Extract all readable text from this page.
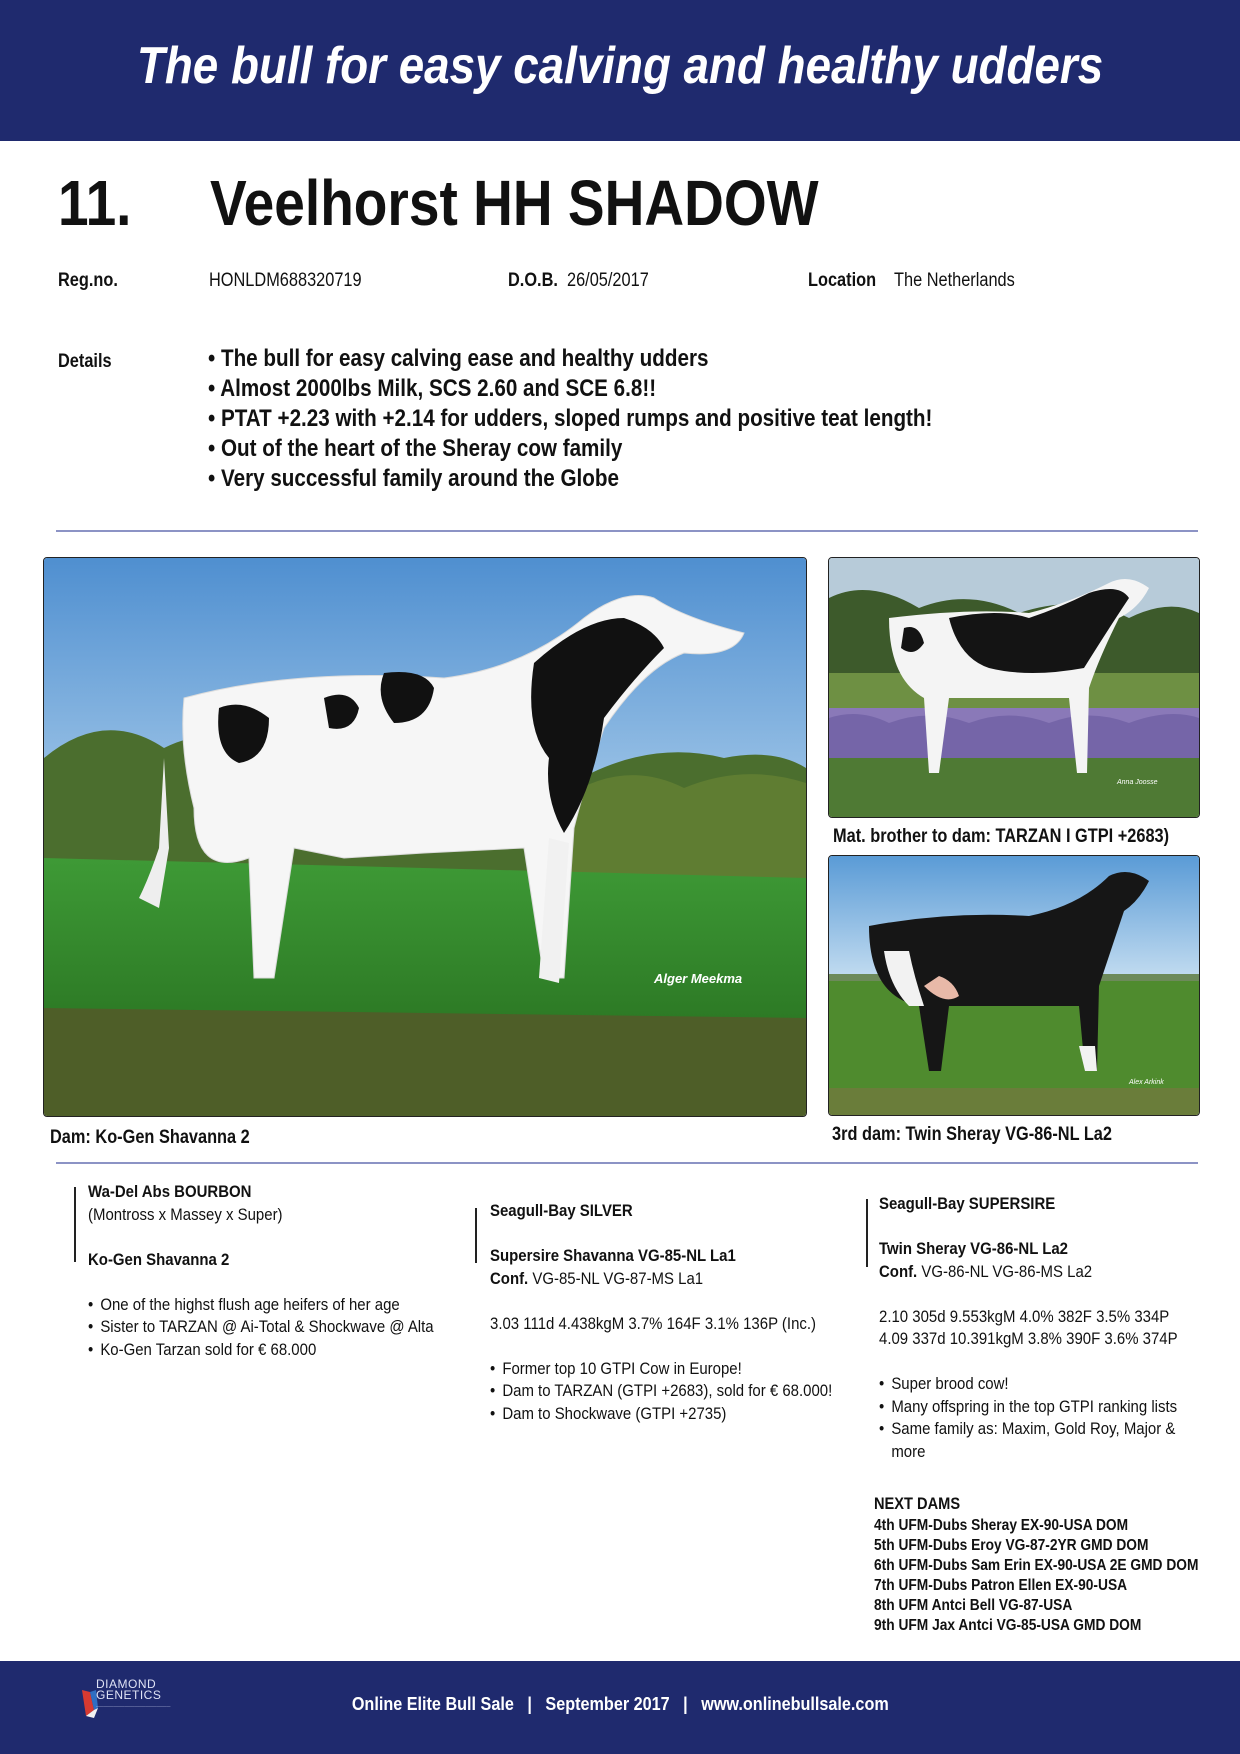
The bull for easy calving and healthy udders
11. Veelhorst HH SHADOW
Reg.no.	HONLDM688320719	D.O.B. 26/05/2017	Location The Netherlands
Details	• The bull for easy calving ease and healthy udders
• Almost 2000lbs Milk, SCS 2.60 and SCE 6.8!!
• PTAT +2.23 with +2.14 for udders, sloped rumps and positive teat length!
• Out of the heart of the Sheray cow family
• Very successful family around the Globe
Alger Meekma
Dam: Ko-Gen Shavanna 2
Anna Joosse
Mat. brother to dam: TARZAN I GTPI +2683)
Alex Arkink
3rd dam: Twin Sheray VG-86-NL La2
Wa-Del Abs BOURBON
(Montross x Massey x Super)
Ko-Gen Shavanna 2
• One of the highst flush age heifers of her age
• Sister to TARZAN @ Ai-Total & Shockwave @ Alta
• Ko-Gen Tarzan sold for € 68.000
Seagull-Bay SILVER
Supersire Shavanna VG-85-NL La1
Conf. VG-85-NL VG-87-MS La1
3.03 111d 4.438kgM 3.7% 164F 3.1% 136P (Inc.)
• Former top 10 GTPI Cow in Europe!
• Dam to TARZAN (GTPI +2683), sold for € 68.000!
• Dam to Shockwave (GTPI +2735)
Seagull-Bay SUPERSIRE
Twin Sheray VG-86-NL La2
Conf. VG-86-NL VG-86-MS La2
2.10 305d 9.553kgM 4.0% 382F 3.5% 334P
4.09 337d 10.391kgM 3.8% 390F 3.6% 374P
• Super brood cow!
• Many offspring in the top GTPI ranking lists
• Same family as: Maxim, Gold Roy, Major &
more
NEXT DAMS
4th UFM-Dubs Sheray EX-90-USA DOM
5th UFM-Dubs Eroy VG-87-2YR GMD DOM
6th UFM-Dubs Sam Erin EX-90-USA 2E GMD DOM
7th UFM-Dubs Patron Ellen EX-90-USA
8th UFM Antci Bell VG-87-USA
9th UFM Jax Antci VG-85-USA GMD DOM
Online Elite Bull Sale   |   September 2017   |   www.onlinebullsale.com
DIAMOND
GENETICS
─────────────────────
